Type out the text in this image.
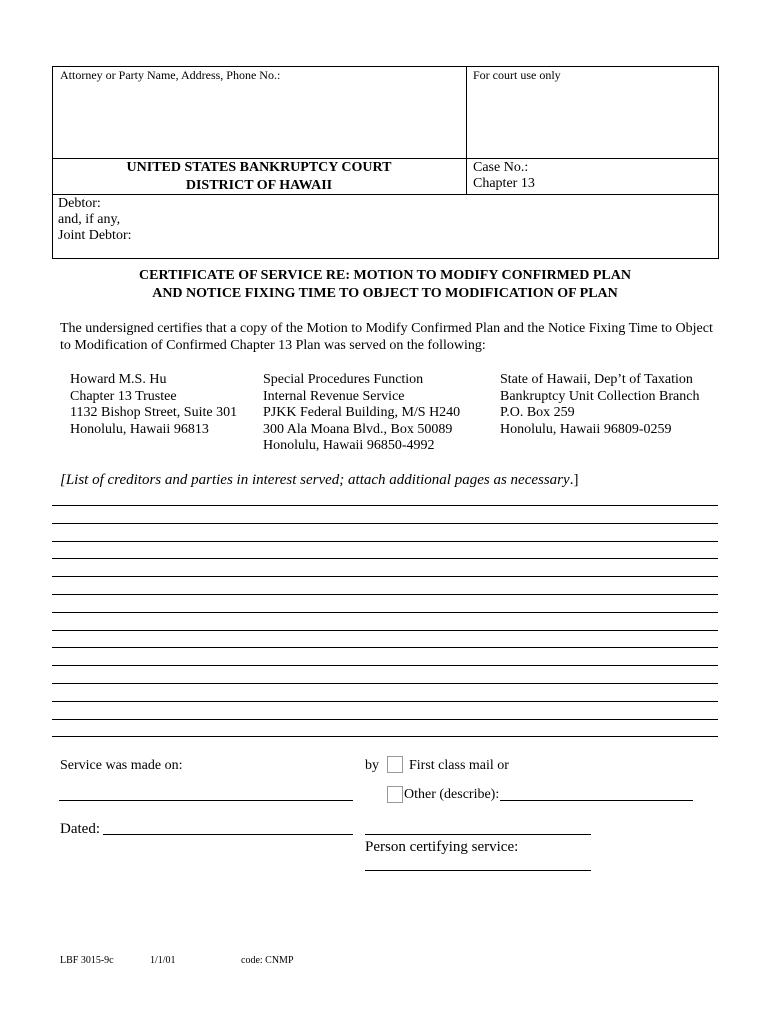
Attorney or Party Name, Address, Phone No.:	For court use only
UNITED STATES BANKRUPTCY COURT
DISTRICT OF HAWAII
Case No.:
Chapter 13
Debtor:
and, if any,
Joint Debtor:
CERTIFICATE OF SERVICE RE: MOTION TO MODIFY CONFIRMED PLAN
AND NOTICE FIXING TIME TO OBJECT TO MODIFICATION OF PLAN
The undersigned certifies that a copy of the Motion to Modify Confirmed Plan and the Notice Fixing Time to Object
to Modification of Confirmed Chapter 13 Plan was served on the following:
Howard M.S. Hu
Chapter 13 Trustee
1132 Bishop Street, Suite 301
Honolulu, Hawaii 96813
Special Procedures Function
Internal Revenue Service
PJKK Federal Building, M/S H240
300 Ala Moana Blvd., Box 50089
Honolulu, Hawaii 96850-4992
State of Hawaii, Dep’t of Taxation
Bankruptcy Unit Collection Branch
P.O. Box 259
Honolulu, Hawaii 96809-0259
[List of creditors and parties in interest served; attach additional pages as necessary.]
Service was made on:	by First class mail or
Other (describe):
Dated:
Person certifying service:
LBF 3015-9c	1/1/01	code: CNMP
